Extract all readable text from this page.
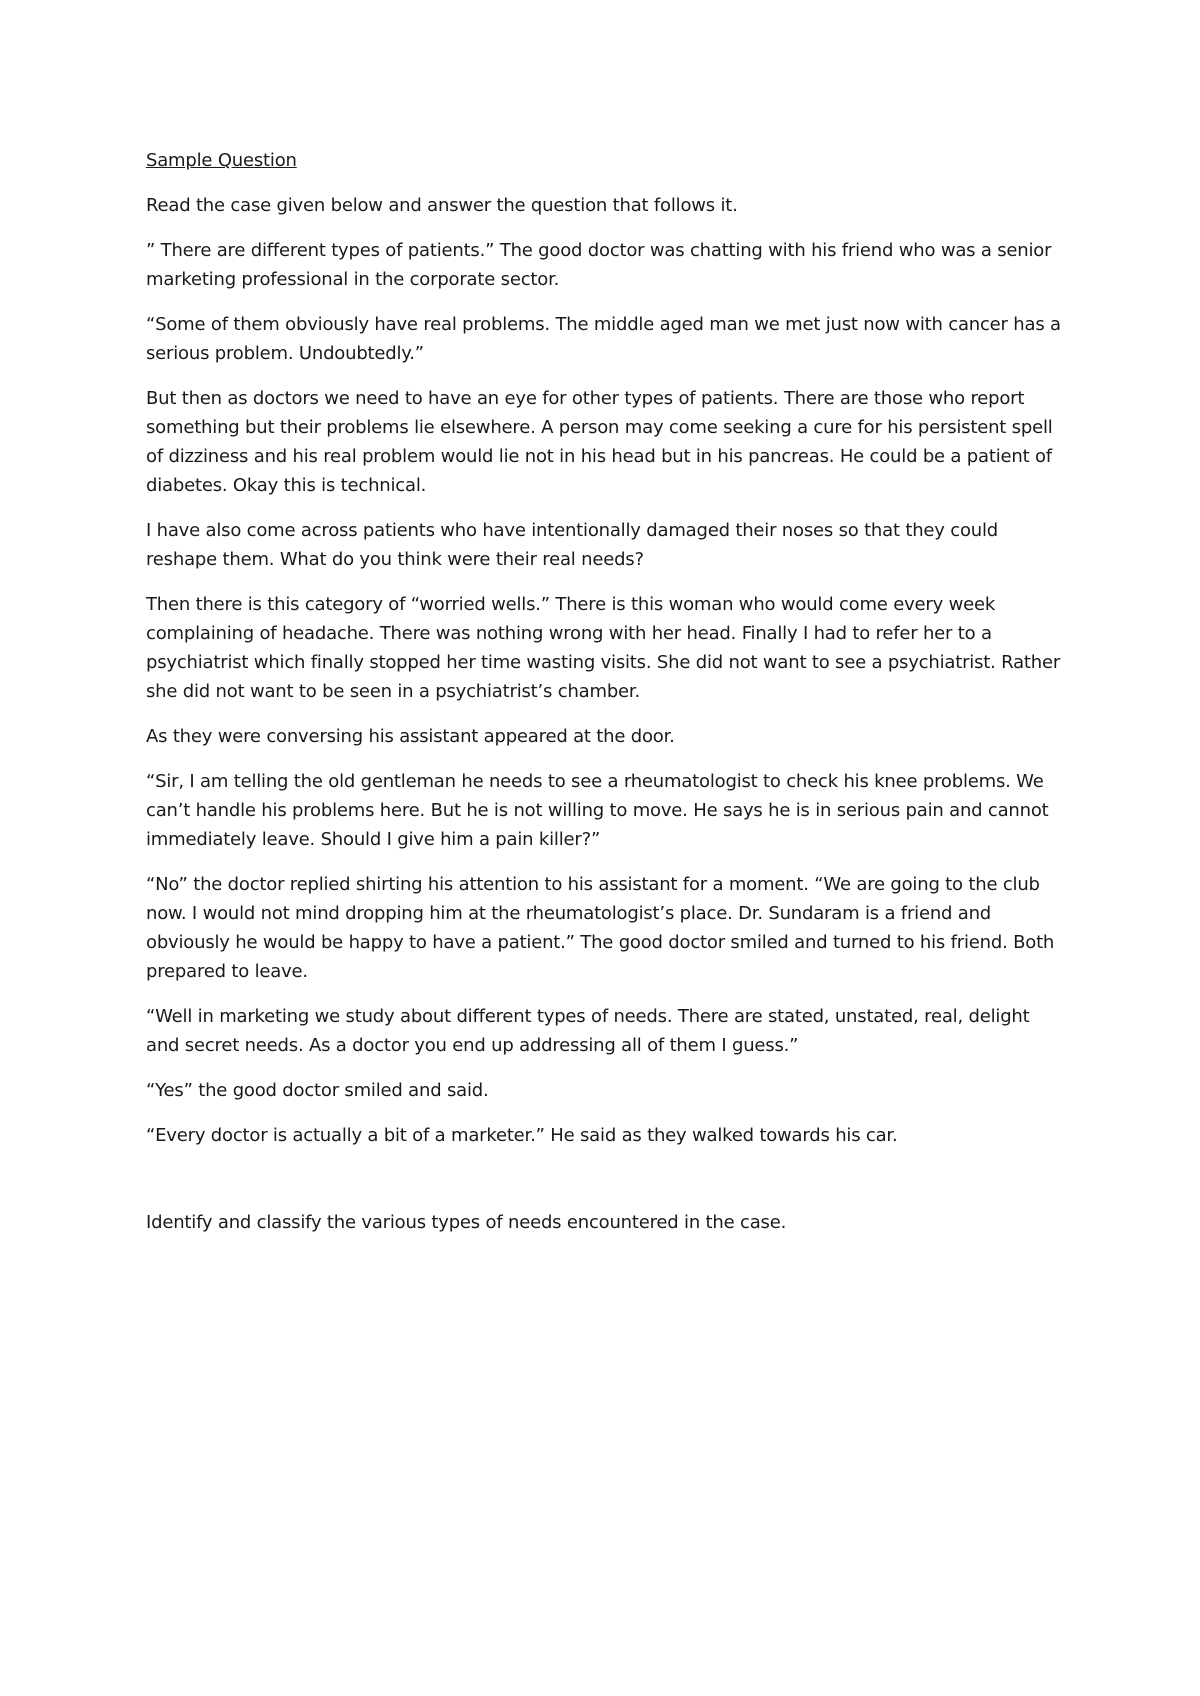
Sample Question

Read the case given below and answer the question that follows it.

” There are different types of patients.” The good doctor was chatting with his friend who was a senior marketing professional in the corporate sector.

“Some of them obviously have real problems. The middle aged man we met just now with cancer has a serious problem. Undoubtedly.”

But then as doctors we need to have an eye for other types of patients. There are those who report something but their problems lie elsewhere. A person may come seeking a cure for his persistent spell of dizziness and his real problem would lie not in his head but in his pancreas. He could be a patient of diabetes. Okay this is technical.

I have also come across patients who have intentionally damaged their noses so that they could reshape them. What do you think were their real needs?

Then there is this category of “worried wells.” There is this woman who would come every week complaining of headache. There was nothing wrong with her head. Finally I had to refer her to a psychiatrist which finally stopped her time wasting visits. She did not want to see a psychiatrist. Rather she did not want to be seen in a psychiatrist’s chamber.

As they were conversing his assistant appeared at the door.

“Sir, I am telling the old gentleman he needs to see a rheumatologist to check his knee problems. We can’t handle his problems here. But he is not willing to move. He says he is in serious pain and cannot immediately leave. Should I give him a pain killer?”

“No” the doctor replied shirting his attention to his assistant for a moment. “We are going to the club now. I would not mind dropping him at the rheumatologist’s place. Dr. Sundaram is a friend and obviously he would be happy to have a patient.” The good doctor smiled and turned to his friend. Both prepared to leave.

“Well in marketing we study about different types of needs. There are stated, unstated, real, delight and secret needs. As a doctor you end up addressing all of them I guess.”

“Yes” the good doctor smiled and said.

“Every doctor is actually a bit of a marketer.” He said as they walked towards his car.

Identify and classify the various types of needs encountered in the case.
